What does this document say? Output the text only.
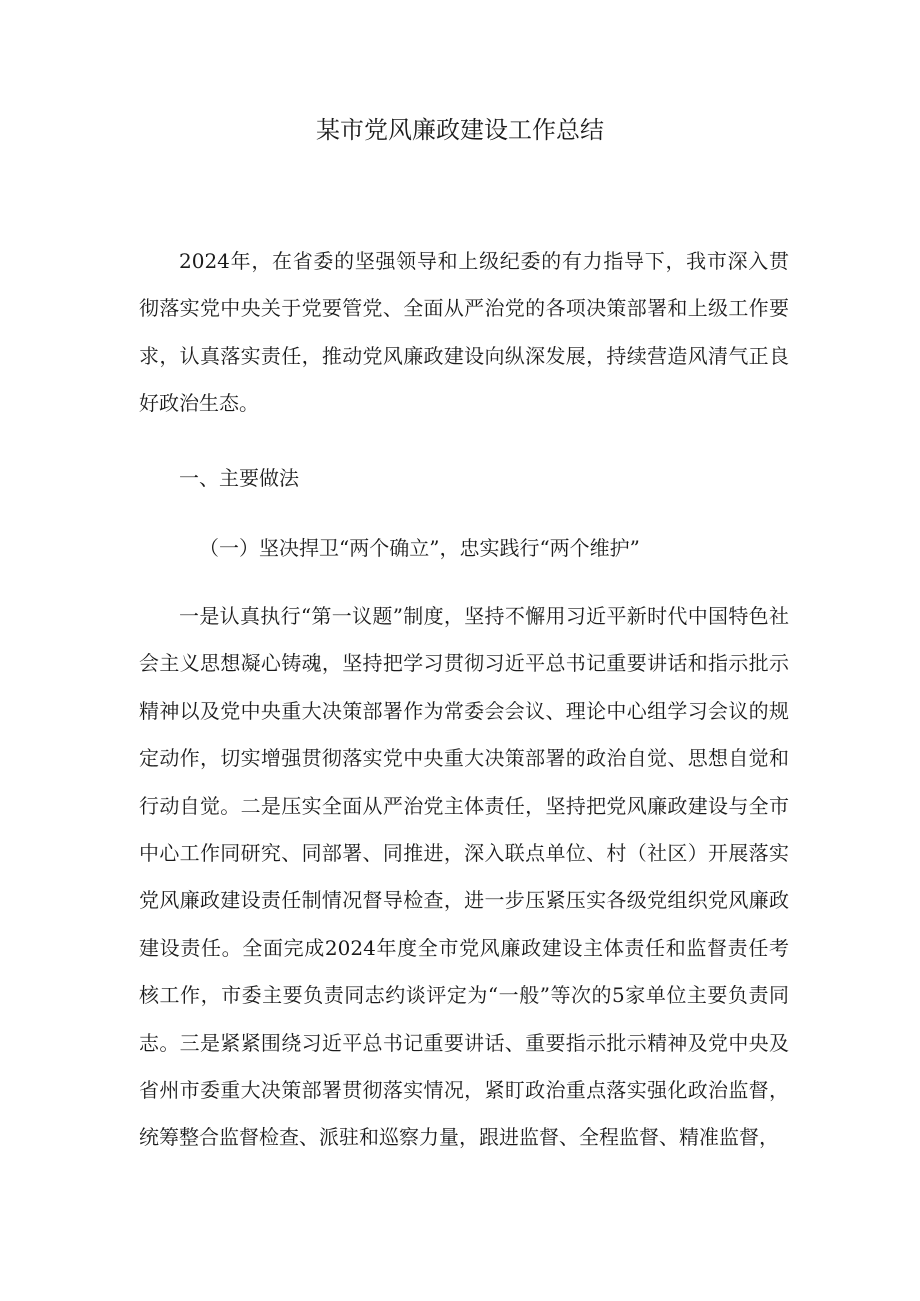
某市党风廉政建设工作总结

2024年，在省委的坚强领导和上级纪委的有力指导下，我市深入贯彻落实党中央关于党要管党、全面从严治党的各项决策部署和上级工作要求，认真落实责任，推动党风廉政建设向纵深发展，持续营造风清气正良好政治生态。

一、主要做法

（一）坚决捍卫“两个确立”，忠实践行“两个维护”

一是认真执行“第一议题”制度，坚持不懈用习近平新时代中国特色社会主义思想凝心铸魂，坚持把学习贯彻习近平总书记重要讲话和指示批示精神以及党中央重大决策部署作为常委会会议、理论中心组学习会议的规定动作，切实增强贯彻落实党中央重大决策部署的政治自觉、思想自觉和行动自觉。二是压实全面从严治党主体责任，坚持把党风廉政建设与全市中心工作同研究、同部署、同推进，深入联点单位、村（社区）开展落实党风廉政建设责任制情况督导检查，进一步压紧压实各级党组织党风廉政建设责任。全面完成2024年度全市党风廉政建设主体责任和监督责任考核工作，市委主要负责同志约谈评定为“一般”等次的5家单位主要负责同志。三是紧紧围绕习近平总书记重要讲话、重要指示批示精神及党中央及省州市委重大决策部署贯彻落实情况，紧盯政治重点落实强化政治监督，统筹整合监督检查、派驻和巡察力量，跟进监督、全程监督、精准监督，
